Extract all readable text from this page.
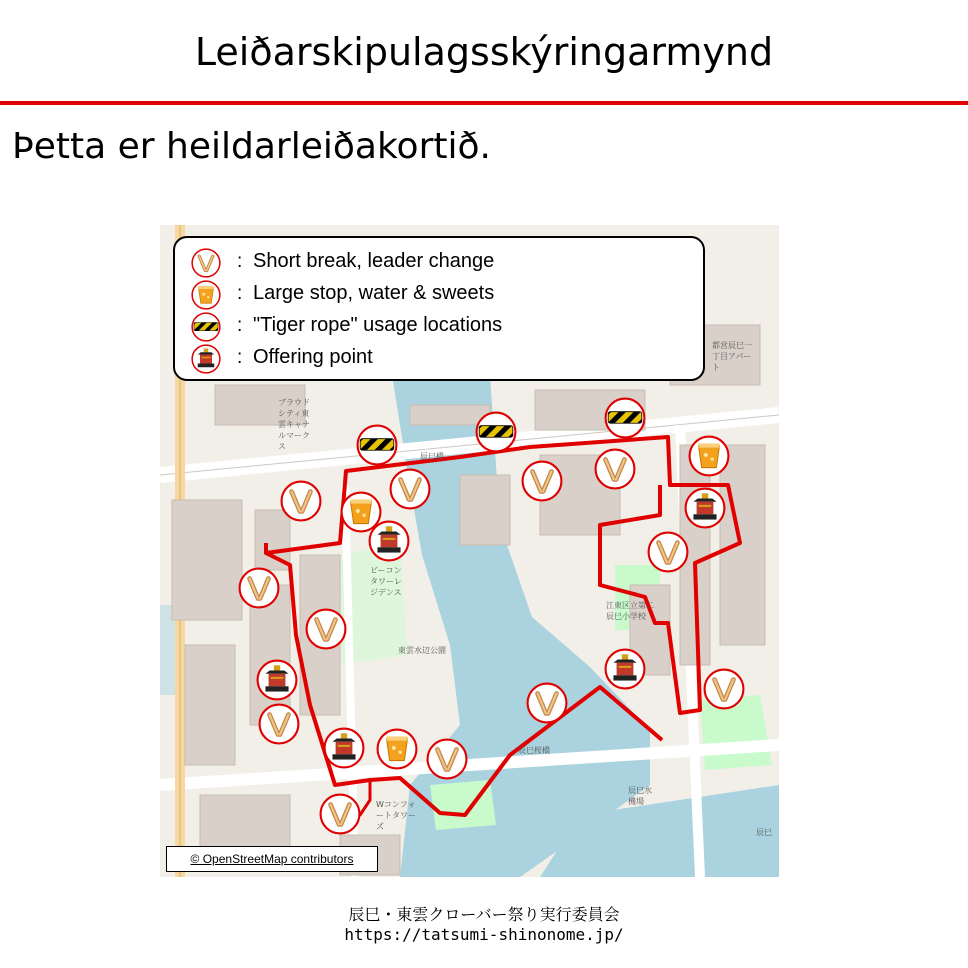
Leiðarskipulagsskýringarmynd
Þetta er heildarleiðakortið.
辰巳橋
辰巳桜橋
東雲水辺公園
江東区立第二辰巳小学校
ブラウドシティ東雲キャナルマークス
ビーコンタワーレジデンス
都営辰巳一丁目アパート
Wコンフォートタワーズ
辰巳水機場
辰巳
: Short break, leader change
: Large stop, water & sweets
: "Tiger rope" usage locations
: Offering point
© OpenStreetMap contributors
辰巳・東雲クローバー祭り実行委員会
https://tatsumi-shinonome.jp/
